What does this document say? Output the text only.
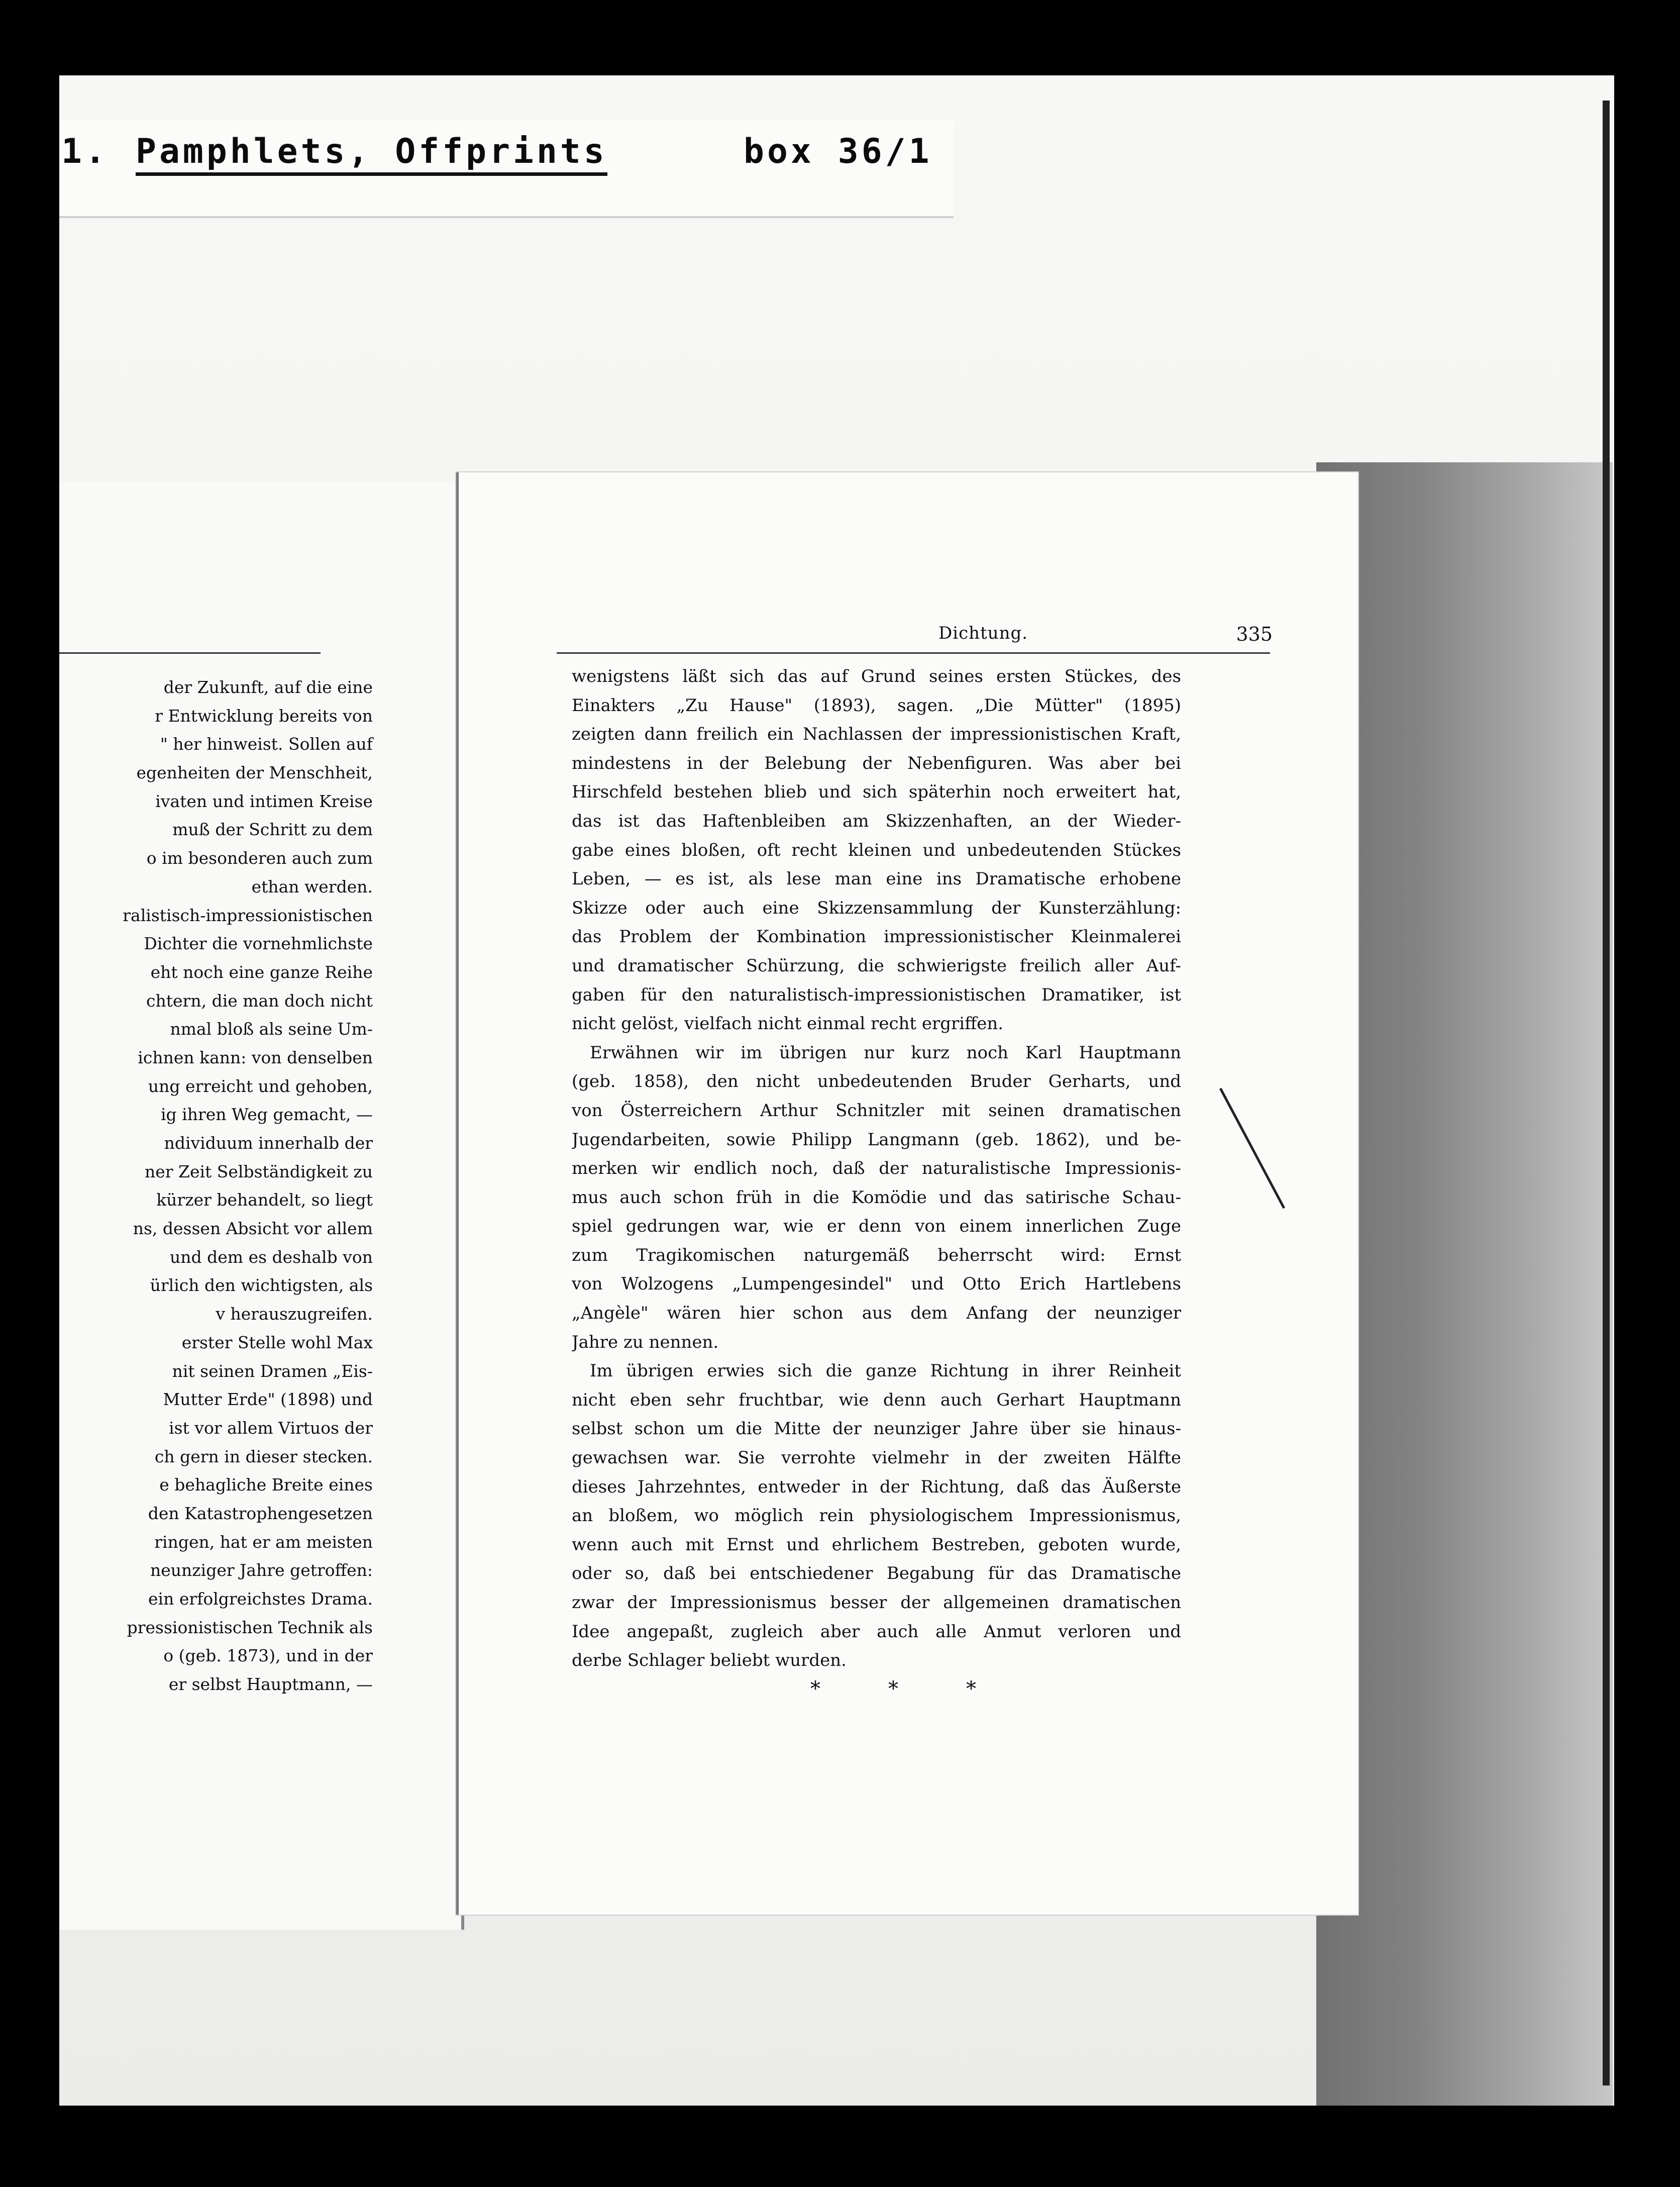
1. Pamphlets, Offprints	box 36/1
der Zukunft, auf die eine
r Entwicklung bereits von
" her hinweist. Sollen auf
egenheiten der Menschheit,
ivaten und intimen Kreise
muß der Schritt zu dem
o im besonderen auch zum
ethan werden.
ralistisch-impressionistischen
Dichter die vornehmlichste
eht noch eine ganze Reihe
chtern, die man doch nicht
nmal bloß als seine Um-
ichnen kann: von denselben
ung erreicht und gehoben,
ig ihren Weg gemacht, —
ndividuum innerhalb der
ner Zeit Selbständigkeit zu
kürzer behandelt, so liegt
ns, dessen Absicht vor allem
und dem es deshalb von
ürlich den wichtigsten, als
v herauszugreifen.
erster Stelle wohl Max
nit seinen Dramen „Eis-
Mutter Erde" (1898) und
ist vor allem Virtuos der
ch gern in dieser stecken.
e behagliche Breite eines
den Katastrophengesetzen
ringen, hat er am meisten
neunziger Jahre getroffen:
ein erfolgreichstes Drama.
pressionistischen Technik als
o (geb. 1873), und in der
er selbst Hauptmann, —
Dichtung.	335
wenigstens läßt sich das auf Grund seines ersten Stückes, des
Einakters „Zu Hause" (1893), sagen. „Die Mütter" (1895)
zeigten dann freilich ein Nachlassen der impressionistischen Kraft,
mindestens in der Belebung der Nebenfiguren. Was aber bei
Hirschfeld bestehen blieb und sich späterhin noch erweitert hat,
das ist das Haftenbleiben am Skizzenhaften, an der Wieder-
gabe eines bloßen, oft recht kleinen und unbedeutenden Stückes
Leben, — es ist, als lese man eine ins Dramatische erhobene
Skizze oder auch eine Skizzensammlung der Kunsterzählung:
das Problem der Kombination impressionistischer Kleinmalerei
und dramatischer Schürzung, die schwierigste freilich aller Auf-
gaben für den naturalistisch-impressionistischen Dramatiker, ist
nicht gelöst, vielfach nicht einmal recht ergriffen.
Erwähnen wir im übrigen nur kurz noch Karl Hauptmann
(geb. 1858), den nicht unbedeutenden Bruder Gerharts, und
von Österreichern Arthur Schnitzler mit seinen dramatischen
Jugendarbeiten, sowie Philipp Langmann (geb. 1862), und be-
merken wir endlich noch, daß der naturalistische Impressionis-
mus auch schon früh in die Komödie und das satirische Schau-
spiel gedrungen war, wie er denn von einem innerlichen Zuge
zum Tragikomischen naturgemäß beherrscht wird: Ernst
von Wolzogens „Lumpengesindel" und Otto Erich Hartlebens
„Angèle" wären hier schon aus dem Anfang der neunziger
Jahre zu nennen.
Im übrigen erwies sich die ganze Richtung in ihrer Reinheit
nicht eben sehr fruchtbar, wie denn auch Gerhart Hauptmann
selbst schon um die Mitte der neunziger Jahre über sie hinaus-
gewachsen war. Sie verrohte vielmehr in der zweiten Hälfte
dieses Jahrzehntes, entweder in der Richtung, daß das Äußerste
an bloßem, wo möglich rein physiologischem Impressionismus,
wenn auch mit Ernst und ehrlichem Bestreben, geboten wurde,
oder so, daß bei entschiedener Begabung für das Dramatische
zwar der Impressionismus besser der allgemeinen dramatischen
Idee angepaßt, zugleich aber auch alle Anmut verloren und
derbe Schlager beliebt wurden.
*	*	*
